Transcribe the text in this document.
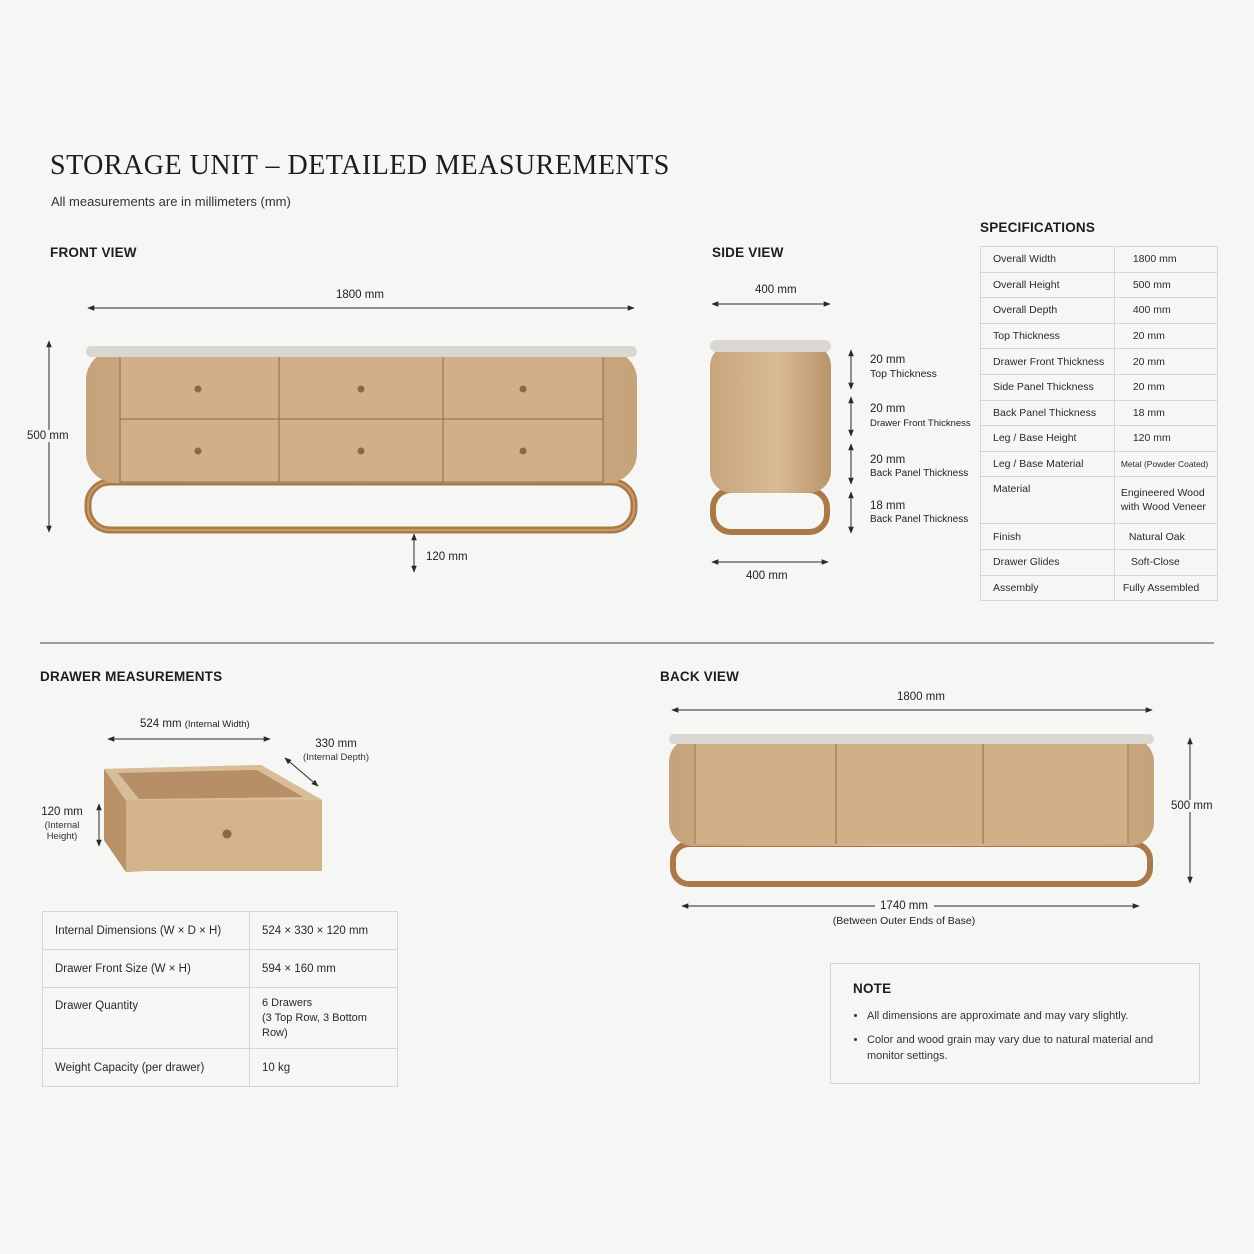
STORAGE UNIT – DETAILED MEASUREMENTS
All measurements are in millimeters (mm)
FRONT VIEW	SIDE VIEW
SPECIFICATIONS
DRAWER MEASUREMENTS	BACK VIEW
1800 mm
500 mm
120 mm
400 mm
400 mm
20 mm
Top Thickness
20 mm
Drawer Front Thickness
20 mm
Back Panel Thickness
18 mm
Back Panel Thickness
Overall Width	1800 mm
Overall Height	500 mm
Overall Depth	400 mm
Top Thickness	20 mm
Drawer Front Thickness	20 mm
Side Panel Thickness	20 mm
Back Panel Thickness	18 mm
Leg / Base Height	120 mm
Leg / Base Material	Metal (Powder Coated)
Material	Engineered Wood
with Wood Veneer
Finish	Natural Oak
Drawer Glides	Soft-Close
Assembly	Fully Assembled
524 mm (Internal Width)
330 mm
(Internal Depth)
120 mm
(Internal Height)
Internal Dimensions (W × D × H)	524 × 330 × 120 mm
Drawer Front Size (W × H)	594 × 160 mm
Drawer Quantity	6 Drawers
(3 Top Row, 3 Bottom Row)
Weight Capacity (per drawer)	10 kg
1800 mm
500 mm
1740 mm
(Between Outer Ends of Base)
NOTE
• All dimensions are approximate and may vary slightly.
• Color and wood grain may vary due to natural material and monitor settings.
